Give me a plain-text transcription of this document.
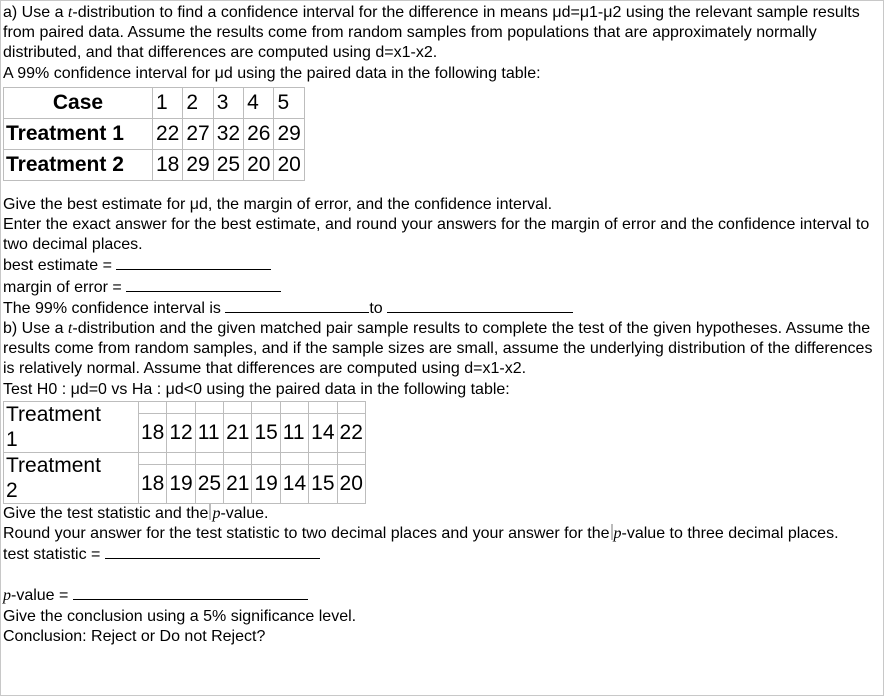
a) Use a t-distribution to find a confidence interval for the difference in means μd=μ1-μ2 using the relevant sample results from paired data. Assume the results come from random samples from populations that are approximately normally distributed, and that differences are computed using d=x1-x2.

A 99% confidence interval for μd using the paired data in the following table:

Case	1	2	3	4	5
Treatment 1	22	27	32	26	29
Treatment 2	18	29	25	20	20

Give the best estimate for μd, the margin of error, and the confidence interval.

Enter the exact answer for the best estimate, and round your answers for the margin of error and the confidence interval to two decimal places.

best estimate =

margin of error =

The 99% confidence interval is	to

b) Use a t-distribution and the given matched pair sample results to complete the test of the given hypotheses. Assume the results come from random samples, and if the sample sizes are small, assume the underlying distribution of the differences is relatively normal. Assume that differences are computed using d=x1-x2.

Test H0 : μd=0 vs Ha : μd<0 using the paired data in the following table:

Treatment
1								
	18	12	11	21	15	11	14	22
Treatment
2								
	18	19	25	21	19	14	15	20

Give the test statistic and the p-value.

Round your answer for the test statistic to two decimal places and your answer for the p-value to three decimal places.

test statistic =

p-value =

Give the conclusion using a 5% significance level.

Conclusion: Reject or Do not Reject?
